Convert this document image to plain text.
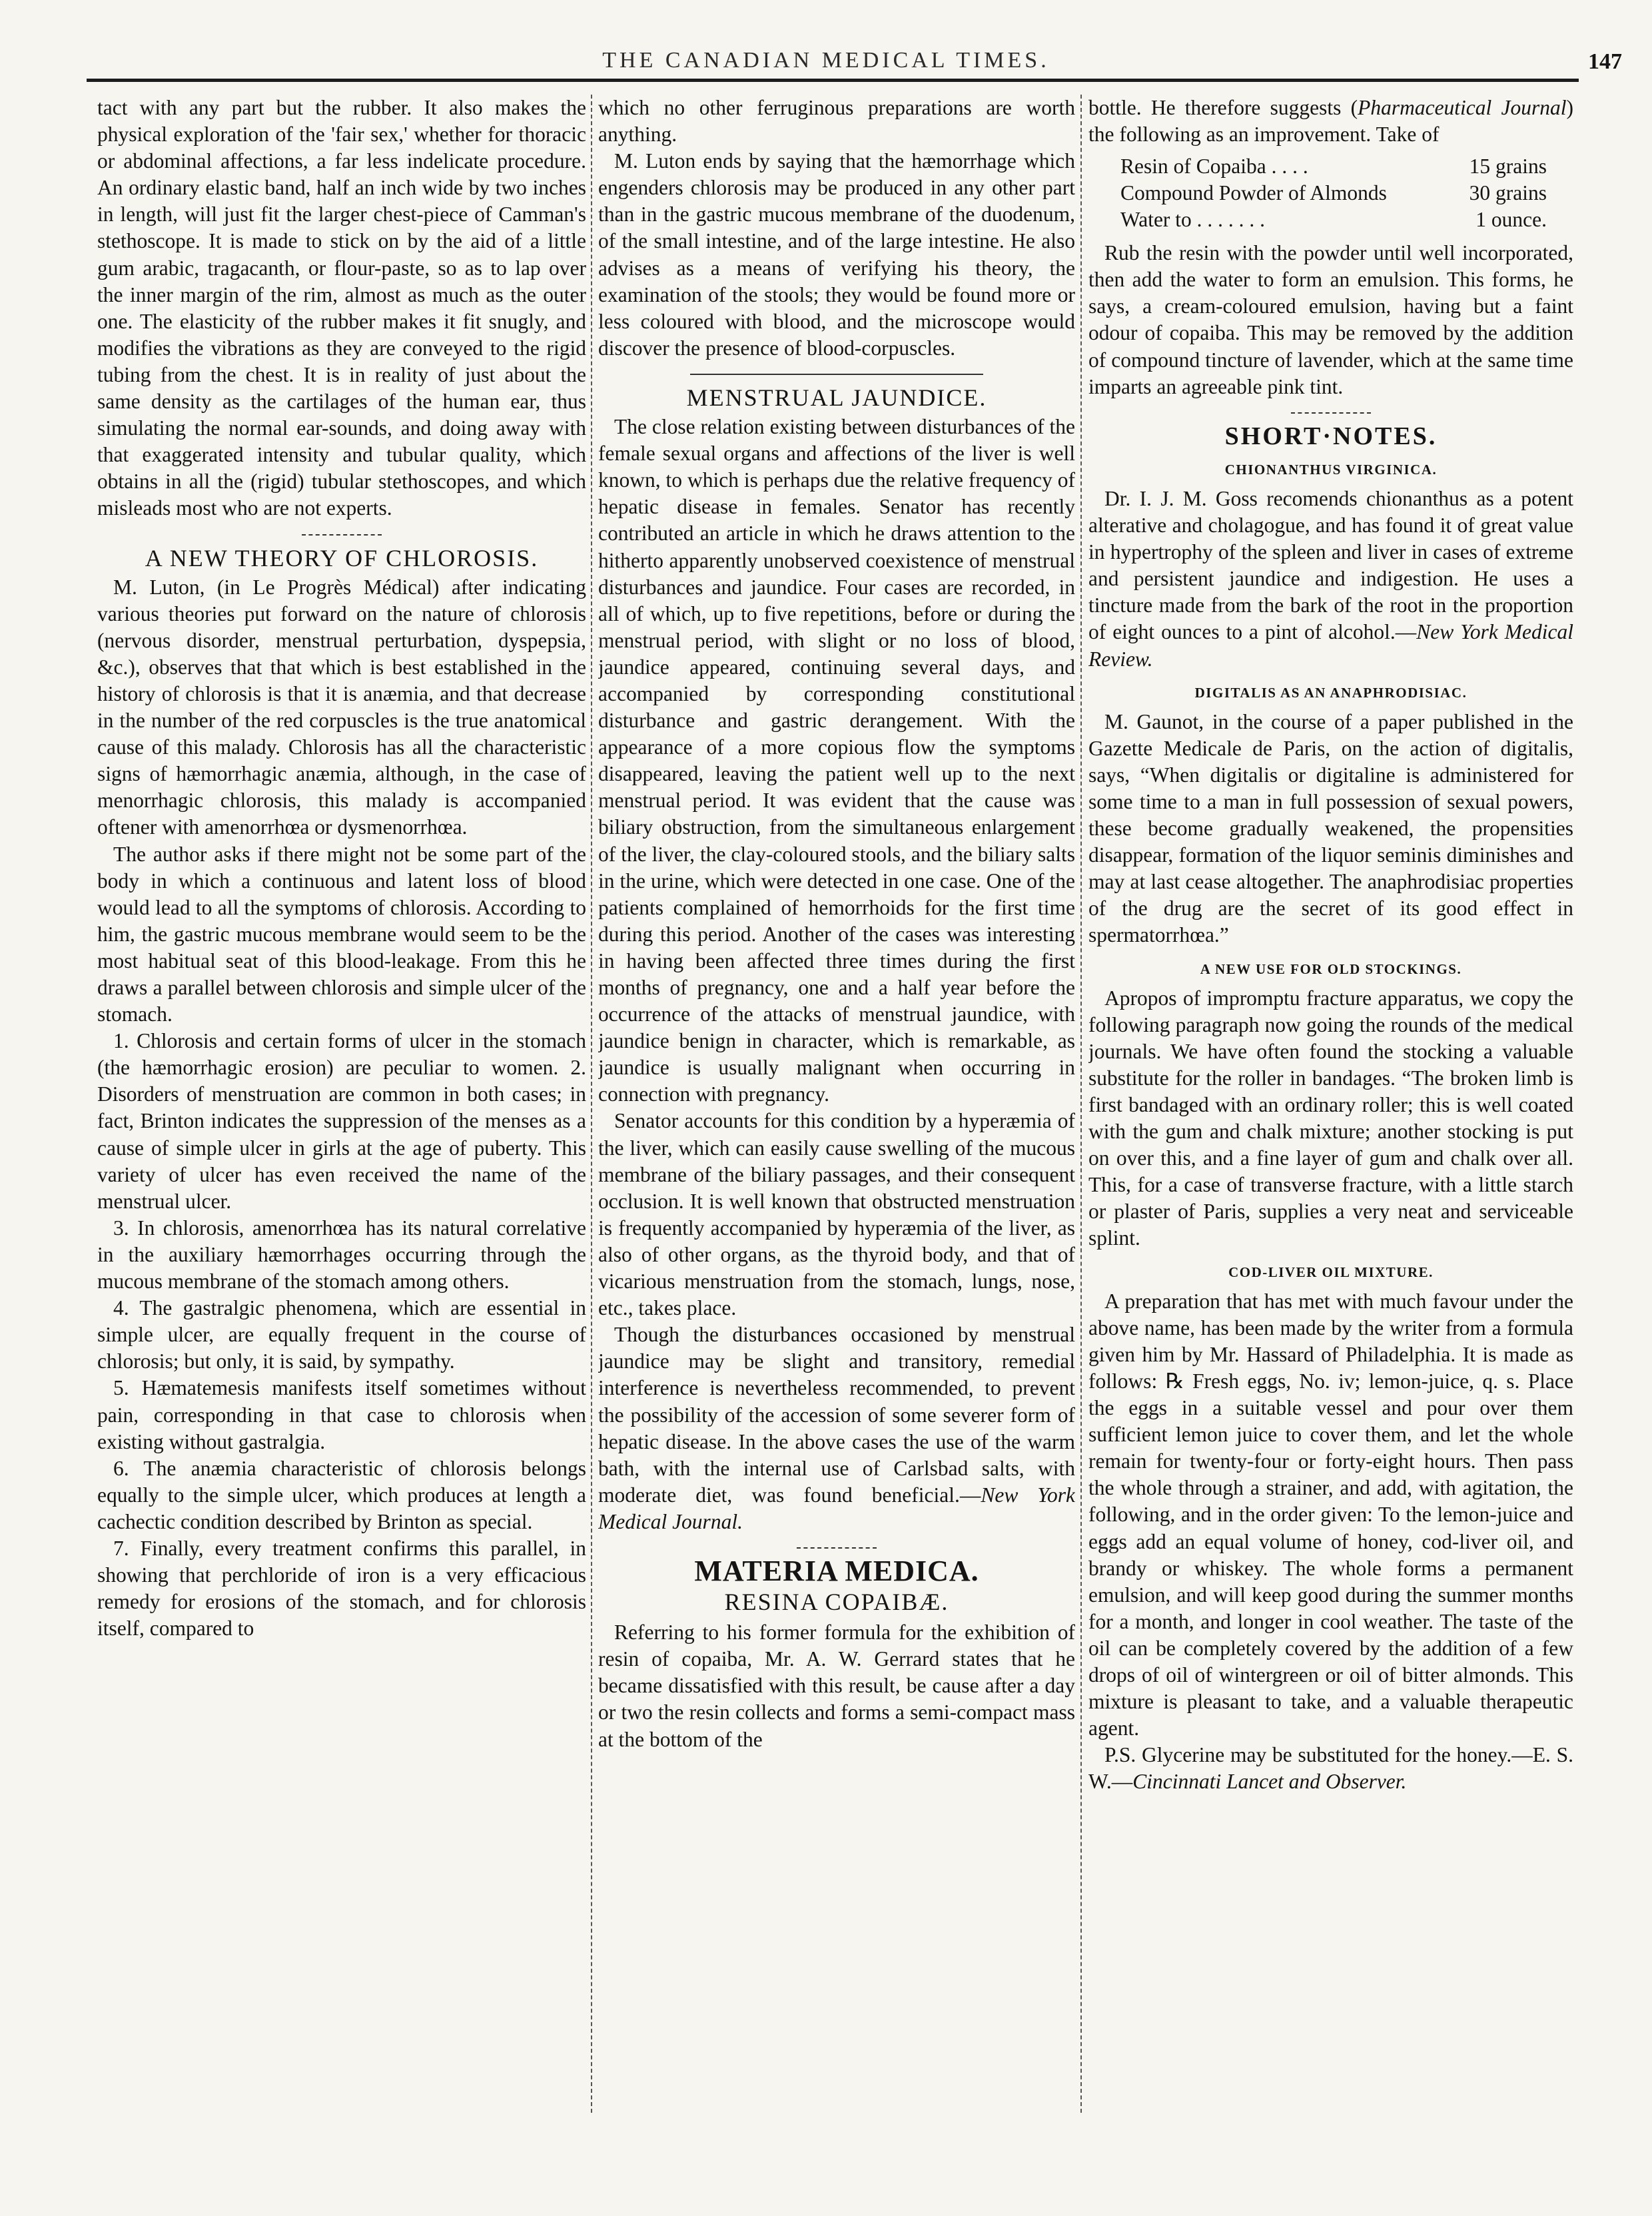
THE CANADIAN MEDICAL TIMES.	147

tact with any part but the rubber. It also makes the physical exploration of the 'fair sex,' whether for thoracic or abdominal affections, a far less indelicate procedure. An ordinary elastic band, half an inch wide by two inches in length, will just fit the larger chest-piece of Camman's stethoscope. It is made to stick on by the aid of a little gum arabic, tragacanth, or flour-paste, so as to lap over the inner margin of the rim, almost as much as the outer one. The elasticity of the rubber makes it fit snugly, and modifies the vibrations as they are conveyed to the rigid tubing from the chest. It is in reality of just about the same density as the cartilages of the human ear, thus simulating the normal ear-sounds, and doing away with that exaggerated intensity and tubular quality, which obtains in all the (rigid) tubular stethoscopes, and which misleads most who are not experts.

A NEW THEORY OF CHLOROSIS.

M. Luton, (in Le Progrès Médical) after indicating various theories put forward on the nature of chlorosis (nervous disorder, menstrual perturbation, dyspepsia, &c.), observes that that which is best established in the history of chlorosis is that it is anæmia, and that decrease in the number of the red corpuscles is the true anatomical cause of this malady. Chlorosis has all the characteristic signs of hæmorrhagic anæmia, although, in the case of menorrhagic chlorosis, this malady is accompanied oftener with amenorrhœa or dysmenorrhœa.

The author asks if there might not be some part of the body in which a continuous and latent loss of blood would lead to all the symptoms of chlorosis. According to him, the gastric mucous membrane would seem to be the most habitual seat of this blood-leakage. From this he draws a parallel between chlorosis and simple ulcer of the stomach.

1. Chlorosis and certain forms of ulcer in the stomach (the hæmorrhagic erosion) are peculiar to women. 2. Disorders of menstruation are common in both cases; in fact, Brinton indicates the suppression of the menses as a cause of simple ulcer in girls at the age of puberty. This variety of ulcer has even received the name of the menstrual ulcer.

3. In chlorosis, amenorrhœa has its natural correlative in the auxiliary hæmorrhages occurring through the mucous membrane of the stomach among others.

4. The gastralgic phenomena, which are essential in simple ulcer, are equally frequent in the course of chlorosis; but only, it is said, by sympathy.

5. Hæmatemesis manifests itself sometimes without pain, corresponding in that case to chlorosis when existing without gastralgia.

6. The anæmia characteristic of chlorosis belongs equally to the simple ulcer, which produces at length a cachectic condition described by Brinton as special.

7. Finally, every treatment confirms this parallel, in showing that perchloride of iron is a very efficacious remedy for erosions of the stomach, and for chlorosis itself, compared to

which no other ferruginous preparations are worth anything.

M. Luton ends by saying that the hæmorrhage which engenders chlorosis may be produced in any other part than in the gastric mucous membrane of the duodenum, of the small intestine, and of the large intestine. He also advises as a means of verifying his theory, the examination of the stools; they would be found more or less coloured with blood, and the microscope would discover the presence of blood-corpuscles.

MENSTRUAL JAUNDICE.

The close relation existing between disturbances of the female sexual organs and affections of the liver is well known, to which is perhaps due the relative frequency of hepatic disease in females. Senator has recently contributed an article in which he draws attention to the hitherto apparently unobserved coexistence of menstrual disturbances and jaundice. Four cases are recorded, in all of which, up to five repetitions, before or during the menstrual period, with slight or no loss of blood, jaundice appeared, continuing several days, and accompanied by corresponding constitutional disturbance and gastric derangement. With the appearance of a more copious flow the symptoms disappeared, leaving the patient well up to the next menstrual period. It was evident that the cause was biliary obstruction, from the simultaneous enlargement of the liver, the clay-coloured stools, and the biliary salts in the urine, which were detected in one case. One of the patients complained of hemorrhoids for the first time during this period. Another of the cases was interesting in having been affected three times during the first months of pregnancy, one and a half year before the occurrence of the attacks of menstrual jaundice, with jaundice benign in character, which is remarkable, as jaundice is usually malignant when occurring in connection with pregnancy.

Senator accounts for this condition by a hyperæmia of the liver, which can easily cause swelling of the mucous membrane of the biliary passages, and their consequent occlusion. It is well known that obstructed menstruation is frequently accompanied by hyperæmia of the liver, as also of other organs, as the thyroid body, and that of vicarious menstruation from the stomach, lungs, nose, etc., takes place.

Though the disturbances occasioned by menstrual jaundice may be slight and transitory, remedial interference is nevertheless recommended, to prevent the possibility of the accession of some severer form of hepatic disease. In the above cases the use of the warm bath, with the internal use of Carlsbad salts, with moderate diet, was found beneficial.—New York Medical Journal.

MATERIA MEDICA.
RESINA COPAIBÆ.

Referring to his former formula for the exhibition of resin of copaiba, Mr. A. W. Gerrard states that he became dissatisfied with this result, be cause after a day or two the resin collects and forms a semi-compact mass at the bottom of the

bottle. He therefore suggests (Pharmaceutical Journal) the following as an improvement. Take of

Resin of Copaiba . . . .	15 grains
Compound Powder of Almonds	30 grains
Water to . . . . . . .	1 ounce.

Rub the resin with the powder until well incorporated, then add the water to form an emulsion. This forms, he says, a cream-coloured emulsion, having but a faint odour of copaiba. This may be removed by the addition of compound tincture of lavender, which at the same time imparts an agreeable pink tint.

SHORT·NOTES.
CHIONANTHUS VIRGINICA.

Dr. I. J. M. Goss recomends chionanthus as a potent alterative and cholagogue, and has found it of great value in hypertrophy of the spleen and liver in cases of extreme and persistent jaundice and indigestion. He uses a tincture made from the bark of the root in the proportion of eight ounces to a pint of alcohol.—New York Medical Review.

DIGITALIS AS AN ANAPHRODISIAC.

M. Gaunot, in the course of a paper published in the Gazette Medicale de Paris, on the action of digitalis, says, “When digitalis or digitaline is administered for some time to a man in full possession of sexual powers, these become gradually weakened, the propensities disappear, formation of the liquor seminis diminishes and may at last cease altogether. The anaphrodisiac properties of the drug are the secret of its good effect in spermatorrhœa.”

A NEW USE FOR OLD STOCKINGS.

Apropos of impromptu fracture apparatus, we copy the following paragraph now going the rounds of the medical journals. We have often found the stocking a valuable substitute for the roller in bandages. “The broken limb is first bandaged with an ordinary roller; this is well coated with the gum and chalk mixture; another stocking is put on over this, and a fine layer of gum and chalk over all. This, for a case of transverse fracture, with a little starch or plaster of Paris, supplies a very neat and serviceable splint.

COD-LIVER OIL MIXTURE.

A preparation that has met with much favour under the above name, has been made by the writer from a formula given him by Mr. Hassard of Philadelphia. It is made as follows: ℞ Fresh eggs, No. iv; lemon-juice, q. s. Place the eggs in a suitable vessel and pour over them sufficient lemon juice to cover them, and let the whole remain for twenty-four or forty-eight hours. Then pass the whole through a strainer, and add, with agitation, the following, and in the order given: To the lemon-juice and eggs add an equal volume of honey, cod-liver oil, and brandy or whiskey. The whole forms a permanent emulsion, and will keep good during the summer months for a month, and longer in cool weather. The taste of the oil can be completely covered by the addition of a few drops of oil of wintergreen or oil of bitter almonds. This mixture is pleasant to take, and a valuable therapeutic agent.

P.S. Glycerine may be substituted for the honey.—E. S. W.—Cincinnati Lancet and Observer.
